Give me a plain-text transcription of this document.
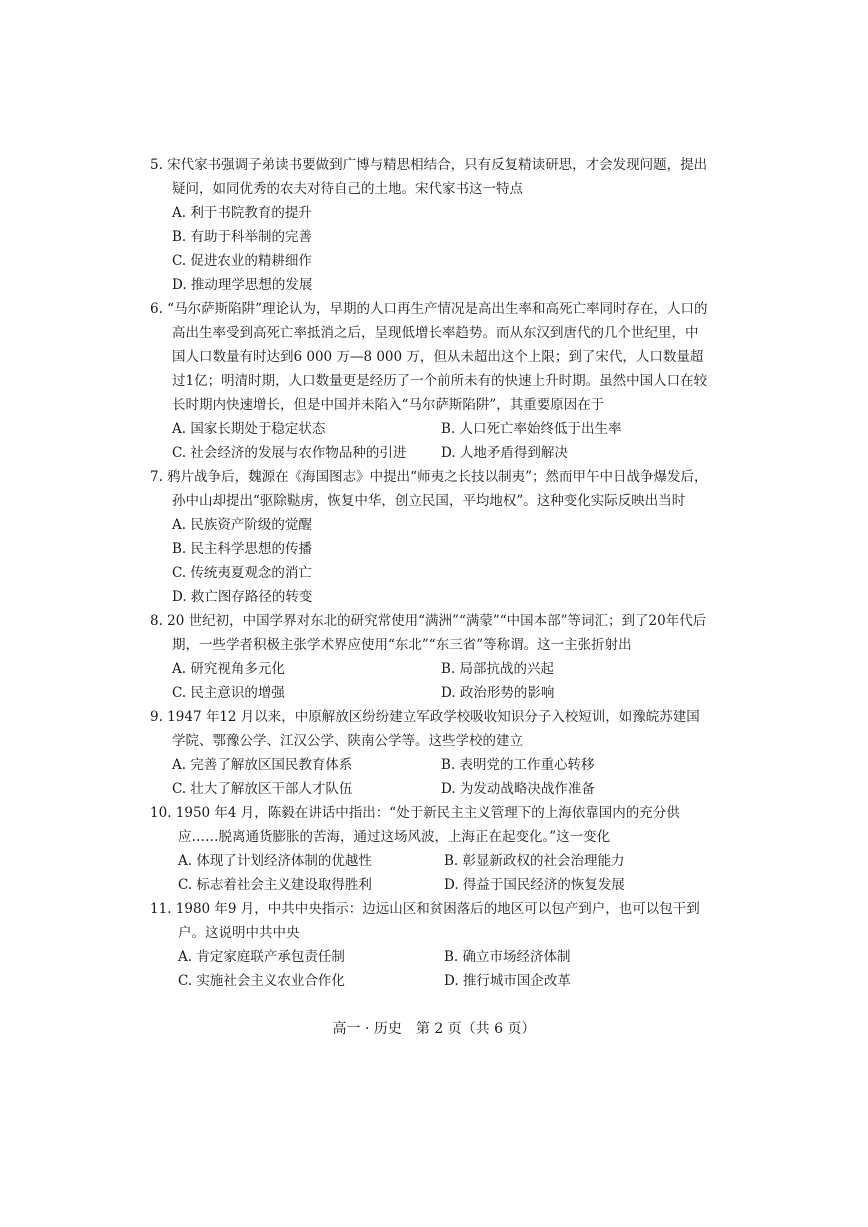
5. 宋代家书强调子弟读书要做到广博与精思相结合，只有反复精读研思，才会发现问题，提出疑问，如同优秀的农夫对待自己的土地。宋代家书这一特点

A. 利于书院教育的提升
B. 有助于科举制的完善
C. 促进农业的精耕细作
D. 推动理学思想的发展

6. “马尔萨斯陷阱”理论认为，早期的人口再生产情况是高出生率和高死亡率同时存在，人口的高出生率受到高死亡率抵消之后，呈现低增长率趋势。而从东汉到唐代的几个世纪里，中国人口数量有时达到6 000 万—8 000 万，但从未超出这个上限；到了宋代，人口数量超过1亿；明清时期，人口数量更是经历了一个前所未有的快速上升时期。虽然中国人口在较长时期内快速增长，但是中国并未陷入“马尔萨斯陷阱”，其重要原因在于

A. 国家长期处于稳定状态	B. 人口死亡率始终低于出生率
C. 社会经济的发展与农作物品种的引进	D. 人地矛盾得到解决

7. 鸦片战争后，魏源在《海国图志》中提出“师夷之长技以制夷”；然而甲午中日战争爆发后，孙中山却提出“驱除鞑虏，恢复中华，创立民国，平均地权”。这种变化实际反映出当时

A. 民族资产阶级的觉醒
B. 民主科学思想的传播
C. 传统夷夏观念的消亡
D. 救亡图存路径的转变

8. 20 世纪初，中国学界对东北的研究常使用“满洲”“满蒙”“中国本部”等词汇；到了20年代后期，一些学者积极主张学术界应使用“东北”“东三省”等称谓。这一主张折射出

A. 研究视角多元化	B. 局部抗战的兴起
C. 民主意识的增强	D. 政治形势的影响

9. 1947 年12 月以来，中原解放区纷纷建立军政学校吸收知识分子入校短训，如豫皖苏建国学院、鄂豫公学、江汉公学、陕南公学等。这些学校的建立

A. 完善了解放区国民教育体系	B. 表明党的工作重心转移
C. 壮大了解放区干部人才队伍	D. 为发动战略决战作准备

10. 1950 年4 月，陈毅在讲话中指出：“处于新民主主义管理下的上海依靠国内的充分供应……脱离通货膨胀的苦海，通过这场风波，上海正在起变化。”这一变化

A. 体现了计划经济体制的优越性	B. 彰显新政权的社会治理能力
C. 标志着社会主义建设取得胜利	D. 得益于国民经济的恢复发展

11. 1980 年9 月，中共中央指示：边远山区和贫困落后的地区可以包产到户，也可以包干到户。这说明中共中央

A. 肯定家庭联产承包责任制	B. 确立市场经济体制
C. 实施社会主义农业合作化	D. 推行城市国企改革
高一 · 历史　第 2 页（共 6 页）
